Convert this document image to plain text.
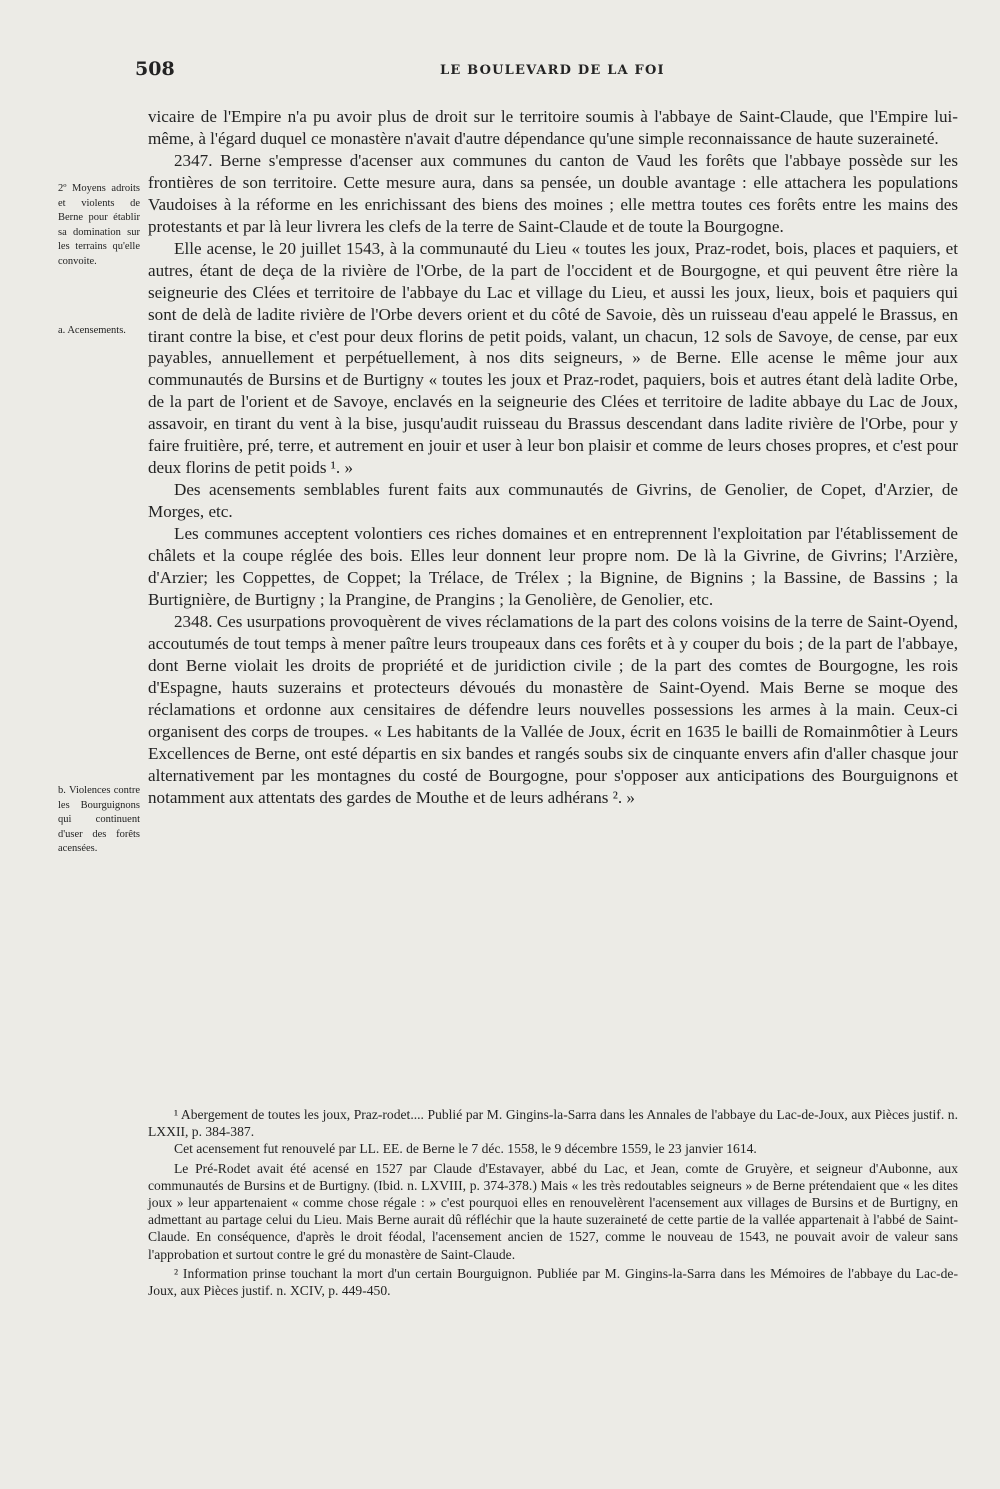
508	LE BOULEVARD DE LA FOI

2º Moyens adroits et violents de Berne pour établir sa domination sur les terrains qu'elle convoite.

a. Acensements.

b. Violences contre les Bourguignons qui continuent d'user des forêts acensées.

vicaire de l'Empire n'a pu avoir plus de droit sur le territoire soumis à l'abbaye de Saint-Claude, que l'Empire lui-même, à l'égard duquel ce monastère n'avait d'autre dépendance qu'une simple reconnaissance de haute suzeraineté.

2347. Berne s'empresse d'acenser aux communes du canton de Vaud les forêts que l'abbaye possède sur les frontières de son territoire. Cette mesure aura, dans sa pensée, un double avantage : elle attachera les populations Vaudoises à la réforme en les enrichissant des biens des moines ; elle mettra toutes ces forêts entre les mains des protestants et par là leur livrera les clefs de la terre de Saint-Claude et de toute la Bourgogne.

Elle acense, le 20 juillet 1543, à la communauté du Lieu « toutes les joux, Praz-rodet, bois, places et paquiers, et autres, étant de deça de la rivière de l'Orbe, de la part de l'occident et de Bourgogne, et qui peuvent être rière la seigneurie des Clées et territoire de l'abbaye du Lac et village du Lieu, et aussi les joux, lieux, bois et paquiers qui sont de delà de ladite rivière de l'Orbe devers orient et du côté de Savoie, dès un ruisseau d'eau appelé le Brassus, en tirant contre la bise, et c'est pour deux florins de petit poids, valant, un chacun, 12 sols de Savoye, de cense, par eux payables, annuellement et perpétuellement, à nos dits seigneurs, » de Berne. Elle acense le même jour aux communautés de Bursins et de Burtigny « toutes les joux et Praz-rodet, paquiers, bois et autres étant delà ladite Orbe, de la part de l'orient et de Savoye, enclavés en la seigneurie des Clées et territoire de ladite abbaye du Lac de Joux, assavoir, en tirant du vent à la bise, jusqu'audit ruisseau du Brassus descendant dans ladite rivière de l'Orbe, pour y faire fruitière, pré, terre, et autrement en jouir et user à leur bon plaisir et comme de leurs choses propres, et c'est pour deux florins de petit poids ¹. »

Des acensements semblables furent faits aux communautés de Givrins, de Genolier, de Copet, d'Arzier, de Morges, etc.

Les communes acceptent volontiers ces riches domaines et en entreprennent l'exploitation par l'établissement de châlets et la coupe réglée des bois. Elles leur donnent leur propre nom. De là la Givrine, de Givrins; l'Arzière, d'Arzier; les Coppettes, de Coppet; la Trélace, de Trélex ; la Bignine, de Bignins ; la Bassine, de Bassins ; la Burtignière, de Burtigny ; la Prangine, de Prangins ; la Genolière, de Genolier, etc.

2348. Ces usurpations provoquèrent de vives réclamations de la part des colons voisins de la terre de Saint-Oyend, accoutumés de tout temps à mener paître leurs troupeaux dans ces forêts et à y couper du bois ; de la part de l'abbaye, dont Berne violait les droits de propriété et de juridiction civile ; de la part des comtes de Bourgogne, les rois d'Espagne, hauts suzerains et protecteurs dévoués du monastère de Saint-Oyend. Mais Berne se moque des réclamations et ordonne aux censitaires de défendre leurs nouvelles possessions les armes à la main. Ceux-ci organisent des corps de troupes. « Les habitants de la Vallée de Joux, écrit en 1635 le bailli de Romainmôtier à Leurs Excellences de Berne, ont esté départis en six bandes et rangés soubs six de cinquante envers afin d'aller chasque jour alternativement par les montagnes du costé de Bourgogne, pour s'opposer aux anticipations des Bourguignons et notamment aux attentats des gardes de Mouthe et de leurs adhérans ². »

¹ Abergement de toutes les joux, Praz-rodet.... Publié par M. Gingins-la-Sarra dans les Annales de l'abbaye du Lac-de-Joux, aux Pièces justif. n. LXXII, p. 384-387.

Cet acensement fut renouvelé par LL. EE. de Berne le 7 déc. 1558, le 9 décembre 1559, le 23 janvier 1614.

Le Pré-Rodet avait été acensé en 1527 par Claude d'Estavayer, abbé du Lac, et Jean, comte de Gruyère, et seigneur d'Aubonne, aux communautés de Bursins et de Burtigny. (Ibid. n. LXVIII, p. 374-378.) Mais « les très redoutables seigneurs » de Berne prétendaient que « les dites joux » leur appartenaient « comme chose régale : » c'est pourquoi elles en renouvelèrent l'acensement aux villages de Bursins et de Burtigny, en admettant au partage celui du Lieu. Mais Berne aurait dû réfléchir que la haute suzeraineté de cette partie de la vallée appartenait à l'abbé de Saint-Claude. En conséquence, d'après le droit féodal, l'acensement ancien de 1527, comme le nouveau de 1543, ne pouvait avoir de valeur sans l'approbation et surtout contre le gré du monastère de Saint-Claude.

² Information prinse touchant la mort d'un certain Bourguignon. Publiée par M. Gingins-la-Sarra dans les Mémoires de l'abbaye du Lac-de-Joux, aux Pièces justif. n. XCIV, p. 449-450.
